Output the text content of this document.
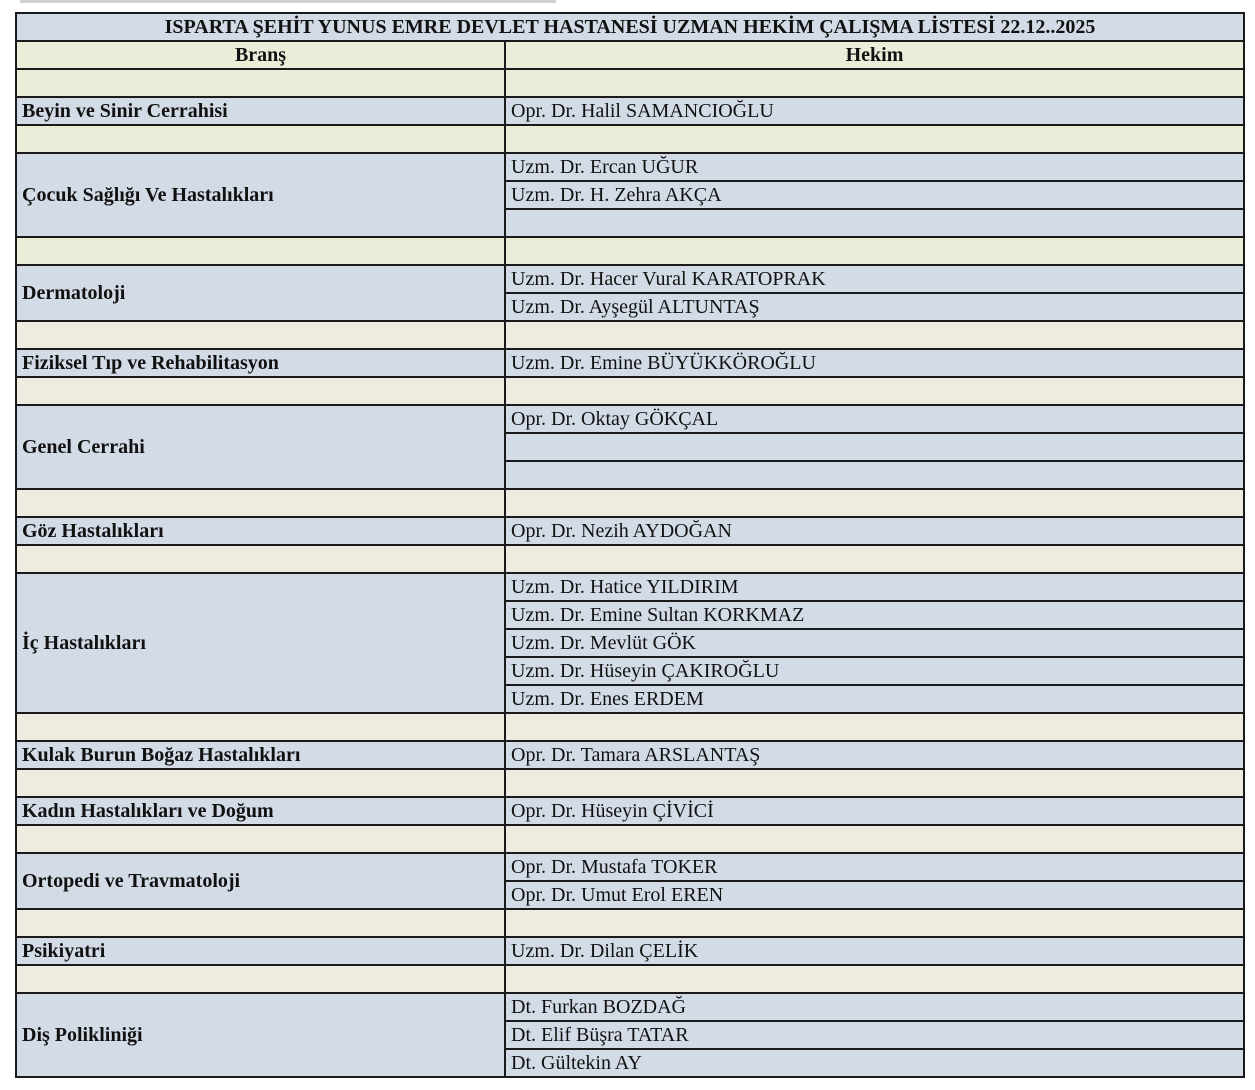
ISPARTA ŞEHİT YUNUS EMRE DEVLET HASTANESİ UZMAN HEKİM ÇALIŞMA LİSTESİ 22.12..2025	
Branş	Hekim

Beyin ve Sinir Cerrahisi	Opr. Dr. Halil SAMANCIOĞLU

Çocuk Sağlığı Ve Hastalıkları	Uzm. Dr. Ercan UĞUR
	Uzm. Dr. H. Zehra AKÇA

Dermatoloji	Uzm. Dr. Hacer Vural KARATOPRAK
	Uzm. Dr. Ayşegül ALTUNTAŞ

Fiziksel Tıp ve Rehabilitasyon	Uzm. Dr. Emine BÜYÜKKÖROĞLU

Genel Cerrahi	Opr. Dr. Oktay GÖKÇAL

Göz Hastalıkları	Opr. Dr. Nezih AYDOĞAN

İç Hastalıkları	Uzm. Dr. Hatice YILDIRIM
	Uzm. Dr. Emine Sultan KORKMAZ
	Uzm. Dr. Mevlüt GÖK
	Uzm. Dr. Hüseyin ÇAKIROĞLU
	Uzm. Dr. Enes ERDEM

Kulak Burun Boğaz Hastalıkları	Opr. Dr. Tamara ARSLANTAŞ

Kadın Hastalıkları ve Doğum	Opr. Dr. Hüseyin ÇİVİCİ

Ortopedi ve Travmatoloji	Opr. Dr. Mustafa TOKER
	Opr. Dr. Umut Erol EREN

Psikiyatri	Uzm. Dr. Dilan ÇELİK

Diş Polikliniği	Dt. Furkan BOZDAĞ
	Dt. Elif Büşra TATAR
	Dt. Gültekin AY
